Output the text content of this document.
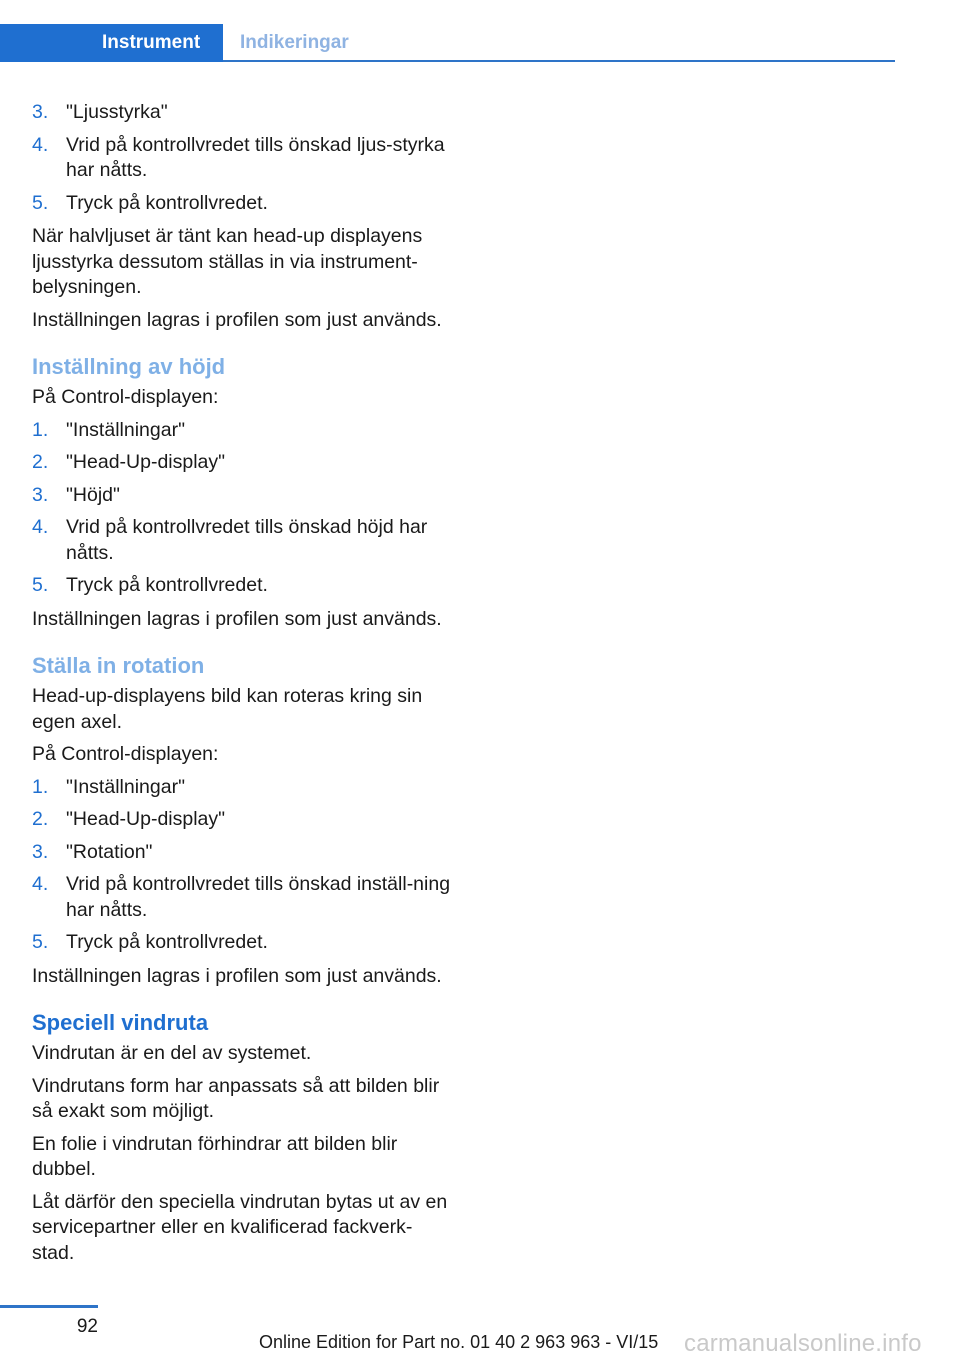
Instrument	Indikeringar
3. "Ljusstyrka"
4. Vrid på kontrollvredet tills önskad ljus-styrka har nåtts.
5. Tryck på kontrollvredet.

När halvljuset är tänt kan head-up displayens ljusstyrka dessutom ställas in via instrument-belysningen.

Inställningen lagras i profilen som just används.

Inställning av höjd

På Control-displayen:

1. "Inställningar"
2. "Head-Up-display"
3. "Höjd"
4. Vrid på kontrollvredet tills önskad höjd har nåtts.
5. Tryck på kontrollvredet.

Inställningen lagras i profilen som just används.

Ställa in rotation

Head-up-displayens bild kan roteras kring sin egen axel.

På Control-displayen:

1. "Inställningar"
2. "Head-Up-display"
3. "Rotation"
4. Vrid på kontrollvredet tills önskad inställ-ning har nåtts.
5. Tryck på kontrollvredet.

Inställningen lagras i profilen som just används.

Speciell vindruta

Vindrutan är en del av systemet.

Vindrutans form har anpassats så att bilden blir så exakt som möjligt.

En folie i vindrutan förhindrar att bilden blir dubbel.

Låt därför den speciella vindrutan bytas ut av en servicepartner eller en kvalificerad fackverk-stad.

92
Online Edition for Part no. 01 40 2 963 963 - VI/15 carmanualsonline.info
